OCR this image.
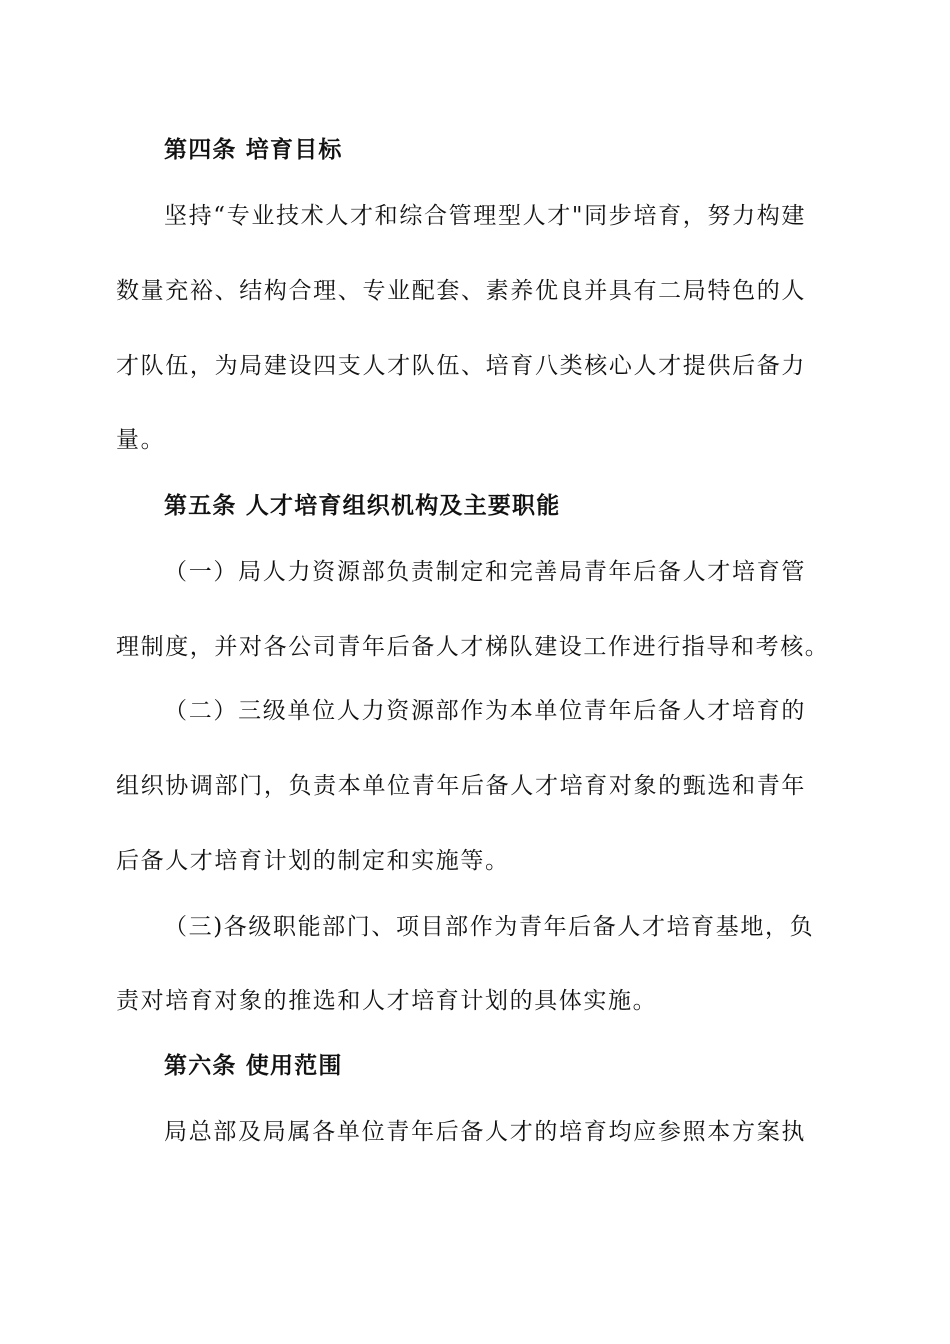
第四条 培育目标
坚持“专业技术人才和综合管理型人才"同步培育，努力构建
数量充裕、结构合理、专业配套、素养优良并具有二局特色的人
才队伍，为局建设四支人才队伍、培育八类核心人才提供后备力
量。
第五条 人才培育组织机构及主要职能
（一）局人力资源部负责制定和完善局青年后备人才培育管
理制度，并对各公司青年后备人才梯队建设工作进行指导和考核。
（二）三级单位人力资源部作为本单位青年后备人才培育的
组织协调部门，负责本单位青年后备人才培育对象的甄选和青年
后备人才培育计划的制定和实施等。
（三)各级职能部门、项目部作为青年后备人才培育基地，负
责对培育对象的推选和人才培育计划的具体实施。
第六条 使用范围
局总部及局属各单位青年后备人才的培育均应参照本方案执
